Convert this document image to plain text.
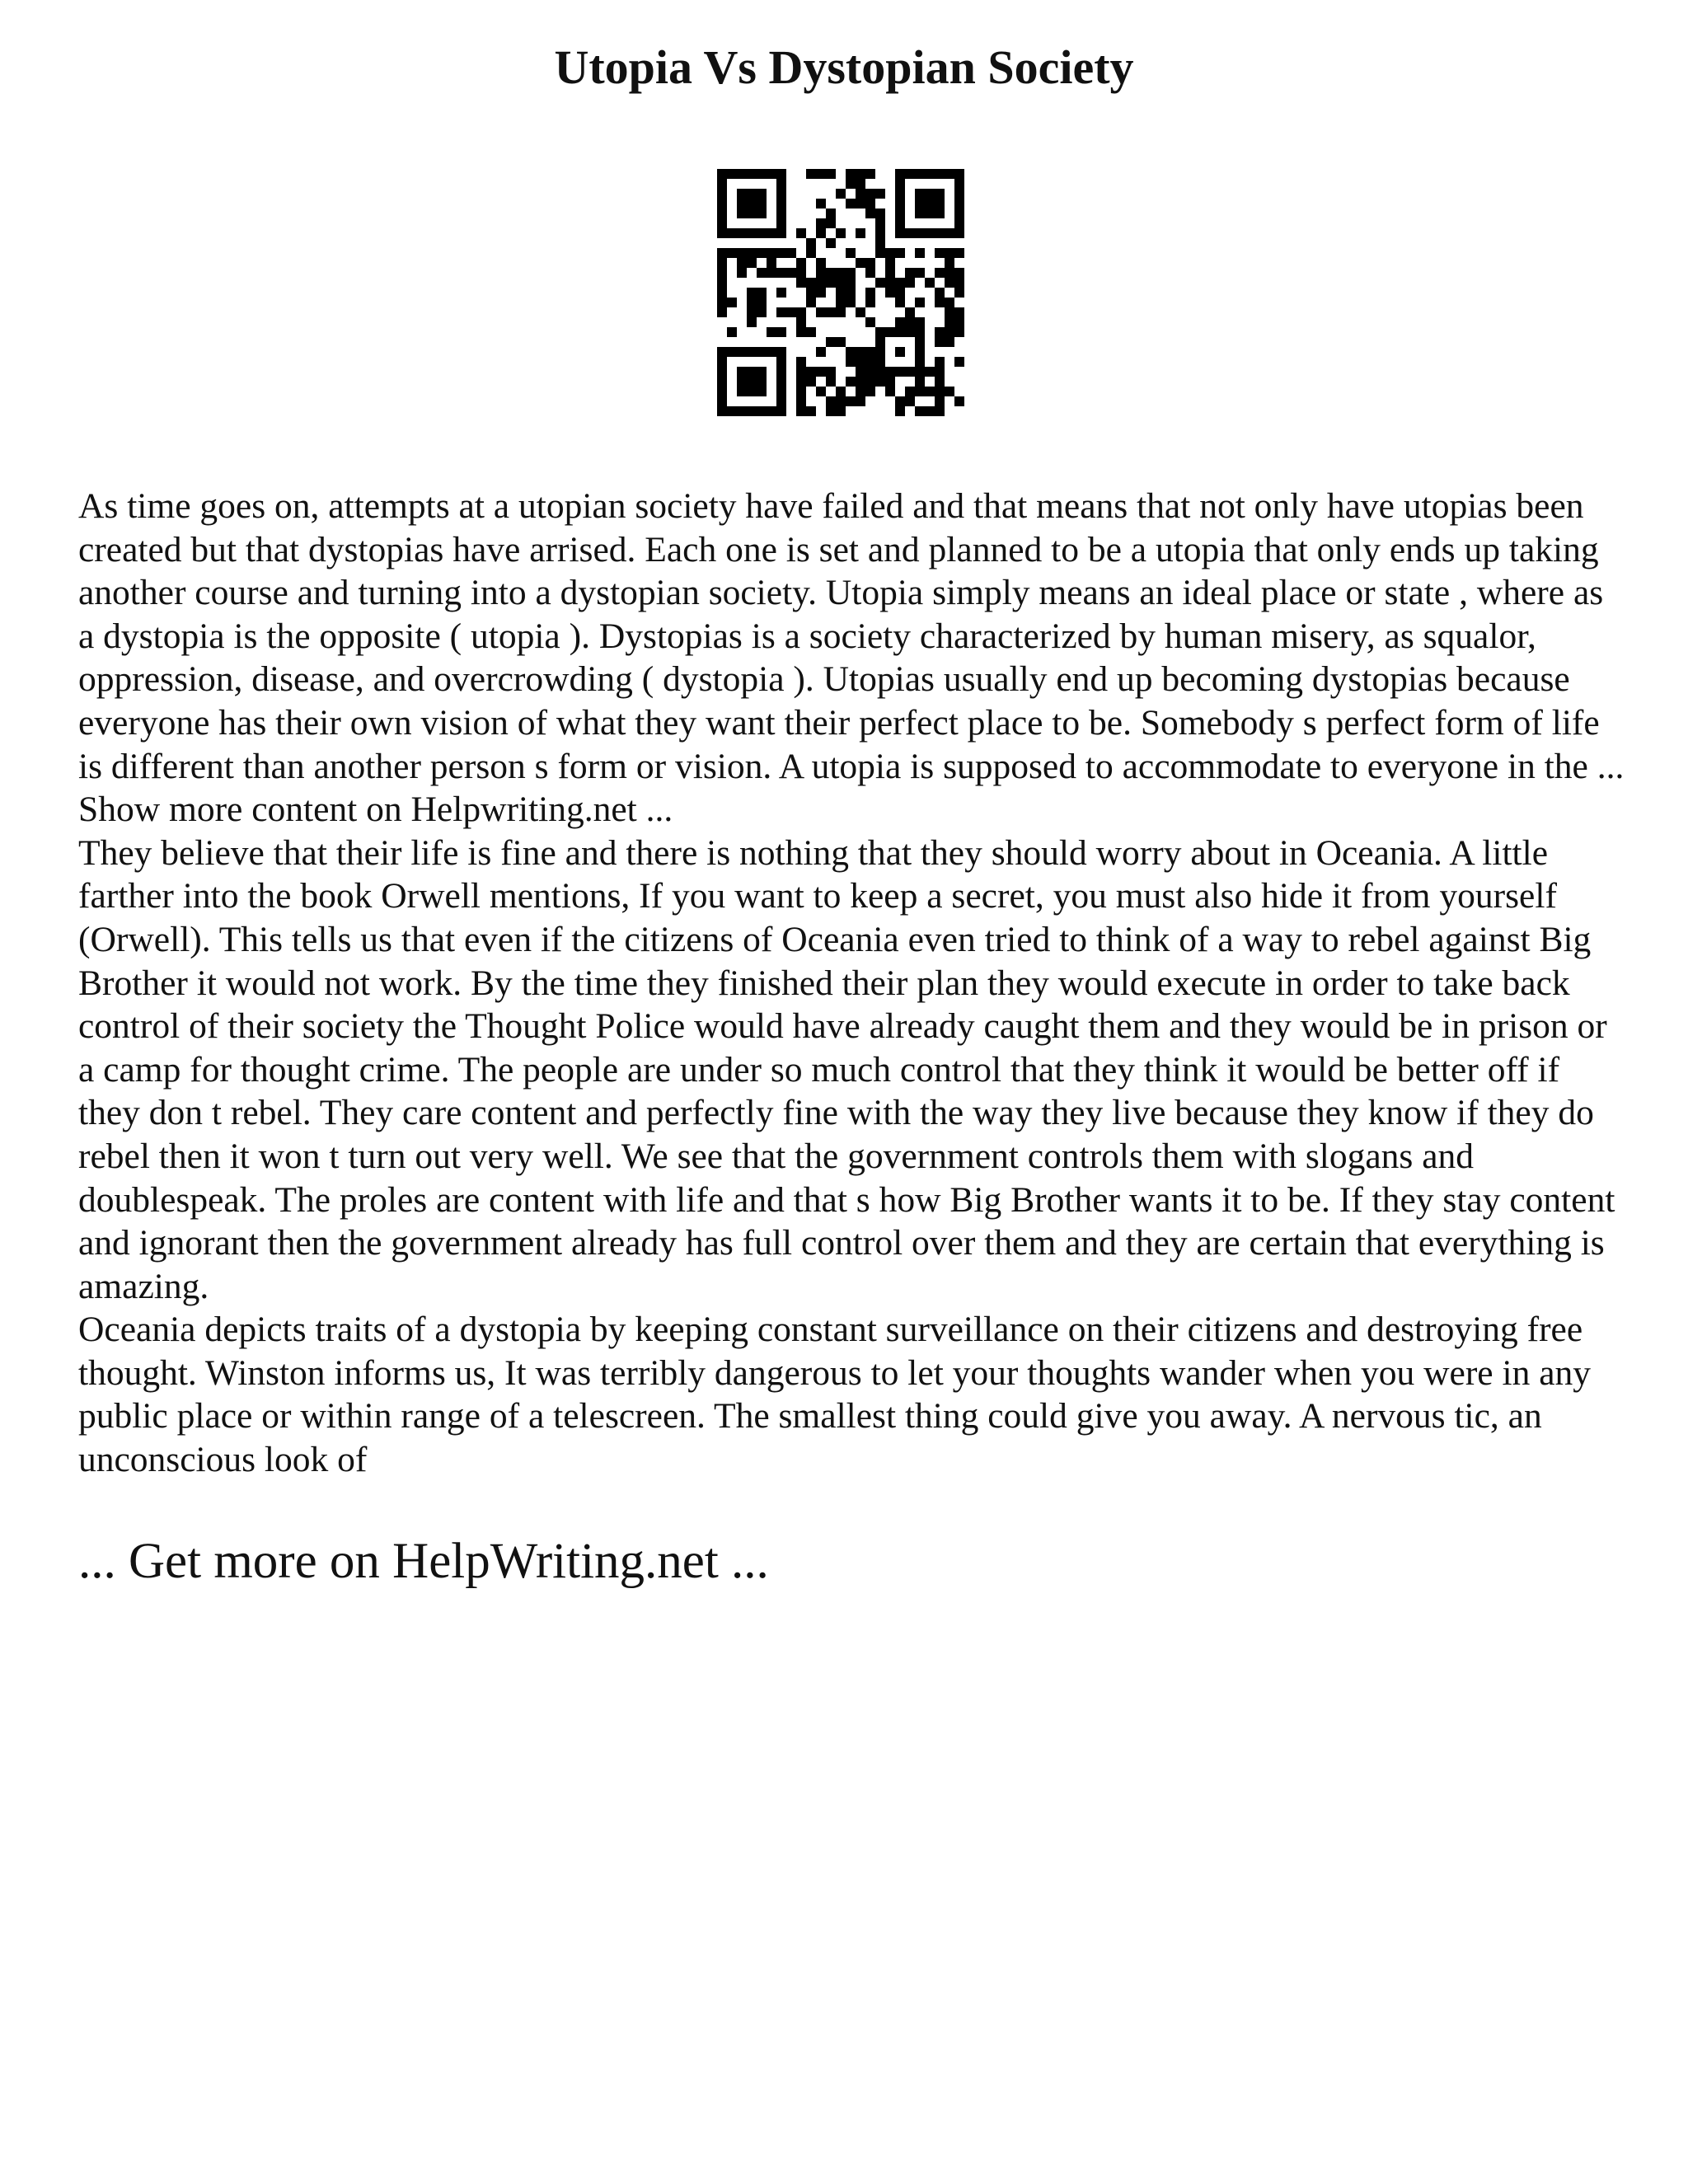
Utopia Vs Dystopian Society

As time goes on, attempts at a utopian society have failed and that means that not only have utopias been created but that dystopias have arrised. Each one is set and planned to be a utopia that only ends up taking another course and turning into a dystopian society. Utopia simply means an ideal place or state , where as a dystopia is the opposite ( utopia ). Dystopias is a society characterized by human misery, as squalor, oppression, disease, and overcrowding ( dystopia ). Utopias usually end up becoming dystopias because everyone has their own vision of what they want their perfect place to be. Somebody s perfect form of life is different than another person s form or vision. A utopia is supposed to accommodate to everyone in the ... Show more content on Helpwriting.net ...

They believe that their life is fine and there is nothing that they should worry about in Oceania. A little farther into the book Orwell mentions, If you want to keep a secret, you must also hide it from yourself (Orwell). This tells us that even if the citizens of Oceania even tried to think of a way to rebel against Big Brother it would not work. By the time they finished their plan they would execute in order to take back control of their society the Thought Police would have already caught them and they would be in prison or a camp for thought crime. The people are under so much control that they think it would be better off if they don t rebel. They care content and perfectly fine with the way they live because they know if they do rebel then it won t turn out very well. We see that the government controls them with slogans and doublespeak. The proles are content with life and that s how Big Brother wants it to be. If they stay content and ignorant then the government already has full control over them and they are certain that everything is amazing.

Oceania depicts traits of a dystopia by keeping constant surveillance on their citizens and destroying free thought. Winston informs us, It was terribly dangerous to let your thoughts wander when you were in any public place or within range of a telescreen. The smallest thing could give you away. A nervous tic, an unconscious look of

... Get more on HelpWriting.net ...
